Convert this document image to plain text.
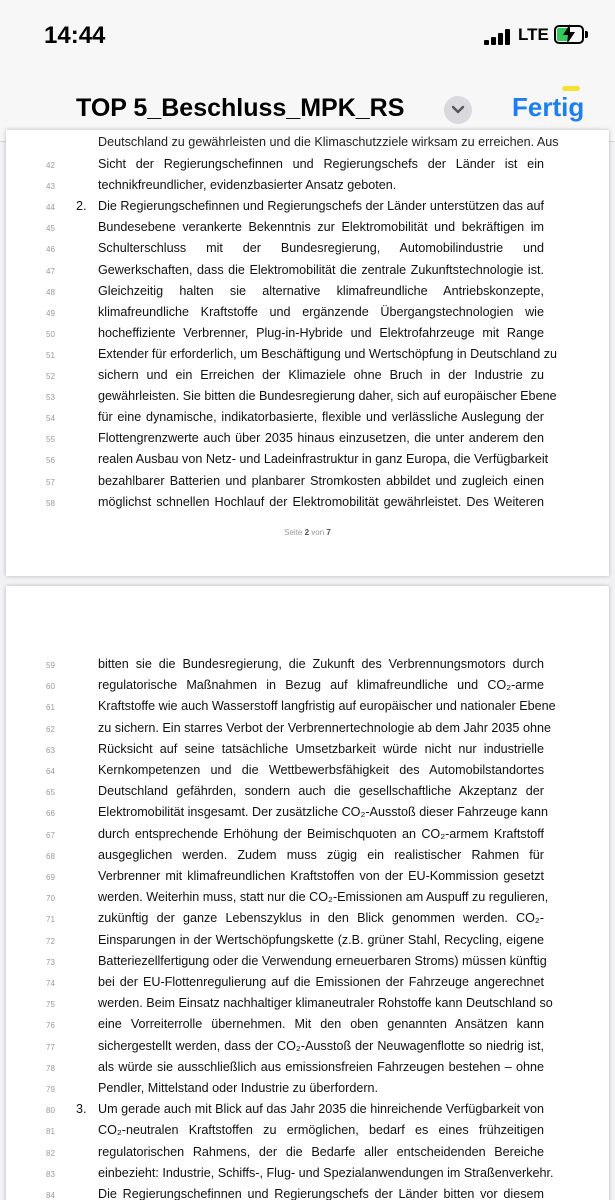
14:44	LTE
TOP 5_Beschluss_MPK_RS	Fertig
Deutschland zu gewährleisten und die Klimaschutzziele wirksam zu erreichen. Aus
42	Sicht der Regierungschefinnen und Regierungschefs der Länder ist ein
43	technikfreundlicher, evidenzbasierter Ansatz geboten.
44	2. Die Regierungschefinnen und Regierungschefs der Länder unterstützen das auf
45	Bundesebene verankerte Bekenntnis zur Elektromobilität und bekräftigen im
46	Schulterschluss mit der Bundesregierung, Automobilindustrie und
47	Gewerkschaften, dass die Elektromobilität die zentrale Zukunftstechnologie ist.
48	Gleichzeitig halten sie alternative klimafreundliche Antriebskonzepte,
49	klimafreundliche Kraftstoffe und ergänzende Übergangstechnologien wie
50	hocheffiziente Verbrenner, Plug-in-Hybride und Elektrofahrzeuge mit Range
51	Extender für erforderlich, um Beschäftigung und Wertschöpfung in Deutschland zu
52	sichern und ein Erreichen der Klimaziele ohne Bruch in der Industrie zu
53	gewährleisten. Sie bitten die Bundesregierung daher, sich auf europäischer Ebene
54	für eine dynamische, indikatorbasierte, flexible und verlässliche Auslegung der
55	Flottengrenzwerte auch über 2035 hinaus einzusetzen, die unter anderem den
56	realen Ausbau von Netz- und Ladeinfrastruktur in ganz Europa, die Verfügbarkeit
57	bezahlbarer Batterien und planbarer Stromkosten abbildet und zugleich einen
58	möglichst schnellen Hochlauf der Elektromobilität gewährleistet. Des Weiteren
Seite 2 von 7
59	bitten sie die Bundesregierung, die Zukunft des Verbrennungsmotors durch
60	regulatorische Maßnahmen in Bezug auf klimafreundliche und CO₂-arme
61	Kraftstoffe wie auch Wasserstoff langfristig auf europäischer und nationaler Ebene
62	zu sichern. Ein starres Verbot der Verbrennertechnologie ab dem Jahr 2035 ohne
63	Rücksicht auf seine tatsächliche Umsetzbarkeit würde nicht nur industrielle
64	Kernkompetenzen und die Wettbewerbsfähigkeit des Automobilstandortes
65	Deutschland gefährden, sondern auch die gesellschaftliche Akzeptanz der
66	Elektromobilität insgesamt. Der zusätzliche CO₂-Ausstoß dieser Fahrzeuge kann
67	durch entsprechende Erhöhung der Beimischquoten an CO₂-armem Kraftstoff
68	ausgeglichen werden. Zudem muss zügig ein realistischer Rahmen für
69	Verbrenner mit klimafreundlichen Kraftstoffen von der EU-Kommission gesetzt
70	werden. Weiterhin muss, statt nur die CO₂-Emissionen am Auspuff zu regulieren,
71	zukünftig der ganze Lebenszyklus in den Blick genommen werden. CO₂-
72	Einsparungen in der Wertschöpfungskette (z.B. grüner Stahl, Recycling, eigene
73	Batteriezellfertigung oder die Verwendung erneuerbaren Stroms) müssen künftig
74	bei der EU-Flottenregulierung auf die Emissionen der Fahrzeuge angerechnet
75	werden. Beim Einsatz nachhaltiger klimaneutraler Rohstoffe kann Deutschland so
76	eine Vorreiterrolle übernehmen. Mit den oben genannten Ansätzen kann
77	sichergestellt werden, dass der CO₂-Ausstoß der Neuwagenflotte so niedrig ist,
78	als würde sie ausschließlich aus emissionsfreien Fahrzeugen bestehen – ohne
79	Pendler, Mittelstand oder Industrie zu überfordern.
80	3. Um gerade auch mit Blick auf das Jahr 2035 die hinreichende Verfügbarkeit von
81	CO₂-neutralen Kraftstoffen zu ermöglichen, bedarf es eines frühzeitigen
82	regulatorischen Rahmens, der die Bedarfe aller entscheidenden Bereiche
83	einbezieht: Industrie, Schiffs-, Flug- und Spezialanwendungen im Straßenverkehr.
84	Die Regierungschefinnen und Regierungschefs der Länder bitten vor diesem
